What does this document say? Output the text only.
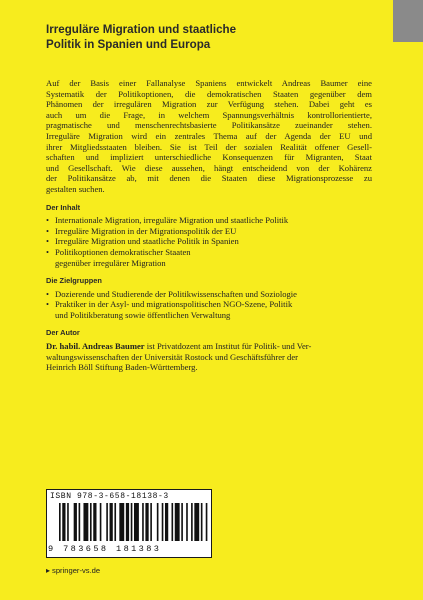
Irreguläre Migration und staatliche
Politik in Spanien und Europa
Auf der Basis einer Fallanalyse Spaniens entwickelt Andreas Baumer eine
Systematik der Politikoptionen, die demokratischen Staaten gegenüber dem
Phänomen der irregulären Migration zur Verfügung stehen. Dabei geht es
auch um die Frage, in welchem Spannungsverhältnis kontrollorientierte,
pragmatische und menschenrechtsbasierte Politikansätze zueinander stehen.
Irreguläre Migration wird ein zentrales Thema auf der Agenda der EU und
ihrer Mitgliedsstaaten bleiben. Sie ist Teil der sozialen Realität offener Gesell-
schaften und impliziert unterschiedliche Konsequenzen für Migranten, Staat
und Gesellschaft. Wie diese aussehen, hängt entscheidend von der Kohärenz
der Politikansätze ab, mit denen die Staaten diese Migrationsprozesse zu
gestalten suchen.
Der Inhalt
• Internationale Migration, irreguläre Migration und staatliche Politik
• Irreguläre Migration in der Migrationspolitik der EU
• Irreguläre Migration und staatliche Politik in Spanien
• Politikoptionen demokratischer Staaten
gegenüber irregulärer Migration
Die Zielgruppen
• Dozierende und Studierende der Politikwissenschaften und Soziologie
• Praktiker in der Asyl- und migrationspolitischen NGO-Szene, Politik
und Politikberatung sowie öffentlichen Verwaltung
Der Autor
Dr. habil. Andreas Baumer ist Privatdozent am Institut für Politik- und Ver-
waltungswissenschaften der Universität Rostock und Geschäftsführer der
Heinrich Böll Stiftung Baden-Württemberg.
ISBN 978-3-658-18138-3
9 783658 181383
▸ springer-vs.de
